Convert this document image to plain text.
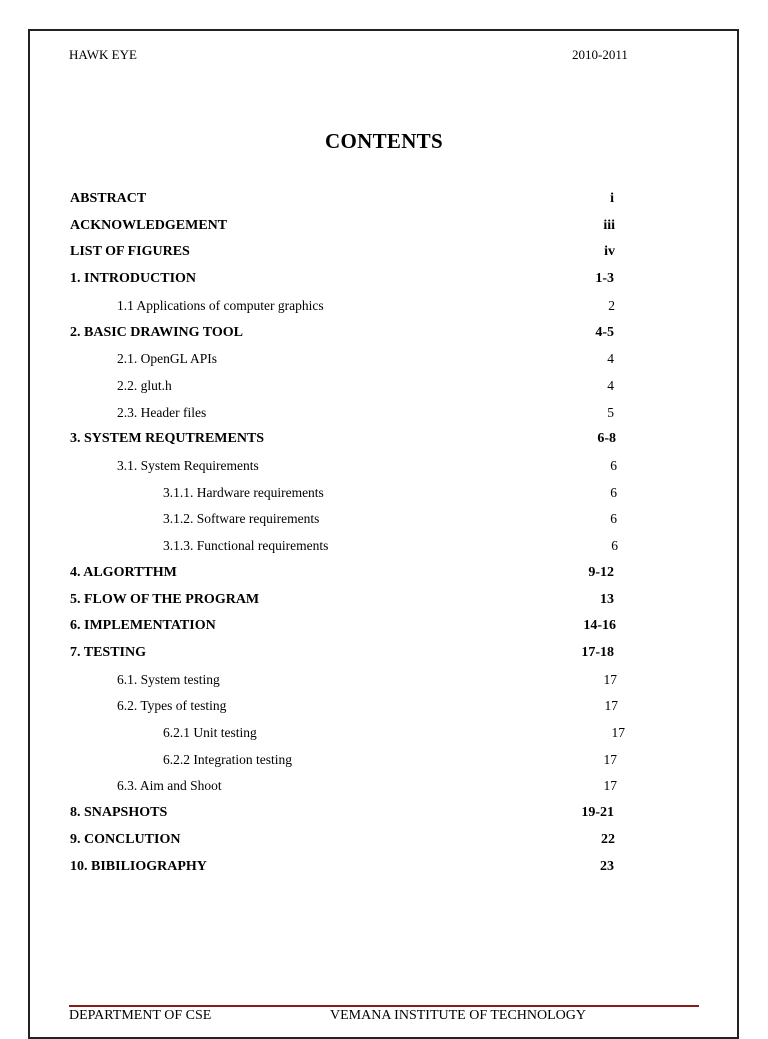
HAWK EYE	2010-2011
CONTENTS
ABSTRACT	i
ACKNOWLEDGEMENT	iii
LIST OF FIGURES	iv
1. INTRODUCTION	1-3
1.1 Applications of computer graphics	2
2. BASIC DRAWING TOOL	4-5
2.1. OpenGL APIs	4
2.2. glut.h	4
2.3. Header files	5
3. SYSTEM REQUTREMENTS	6-8
3.1. System Requirements	6
3.1.1. Hardware requirements	6
3.1.2. Software requirements	6
3.1.3. Functional requirements	6
4. ALGORTTHM	9-12
5. FLOW OF THE PROGRAM	13
6. IMPLEMENTATION	14-16
7. TESTING	17-18
6.1. System testing	17
6.2. Types of testing	17
6.2.1 Unit testing	17
6.2.2 Integration testing	17
6.3. Aim and Shoot	17
8. SNAPSHOTS	19-21
9. CONCLUTION	22
10. BIBILIOGRAPHY	23
DEPARTMENT OF CSE	VEMANA INSTITUTE OF TECHNOLOGY
